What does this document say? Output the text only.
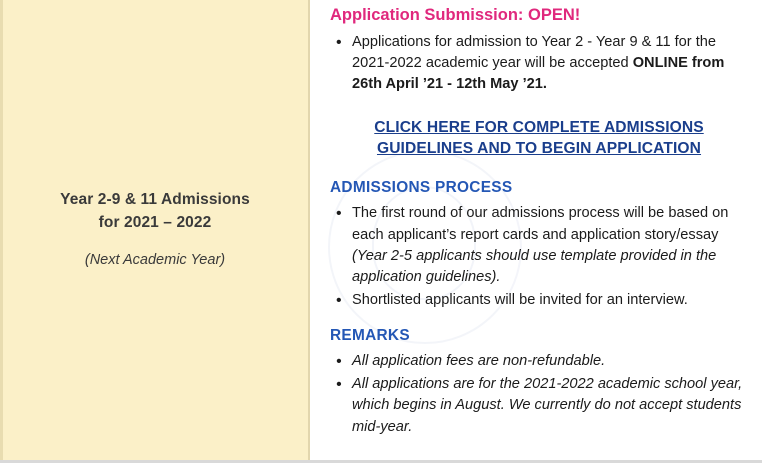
Year 2-9 & 11 Admissions
for 2021 – 2022
(Next Academic Year)
Application Submission: OPEN!
• Applications for admission to Year 2 - Year 9 & 11 for the 2021-2022 academic year will be accepted ONLINE from 26th April ’21 - 12th May ’21.
CLICK HERE FOR COMPLETE ADMISSIONS
GUIDELINES AND TO BEGIN APPLICATION
ADMISSIONS PROCESS
• The first round of our admissions process will be based on each applicant’s report cards and application story/essay (Year 2-5 applicants should use template provided in the application guidelines).
• Shortlisted applicants will be invited for an interview.
REMARKS
• All application fees are non-refundable.
• All applications are for the 2021-2022 academic school year, which begins in August. We currently do not accept students mid-year.
